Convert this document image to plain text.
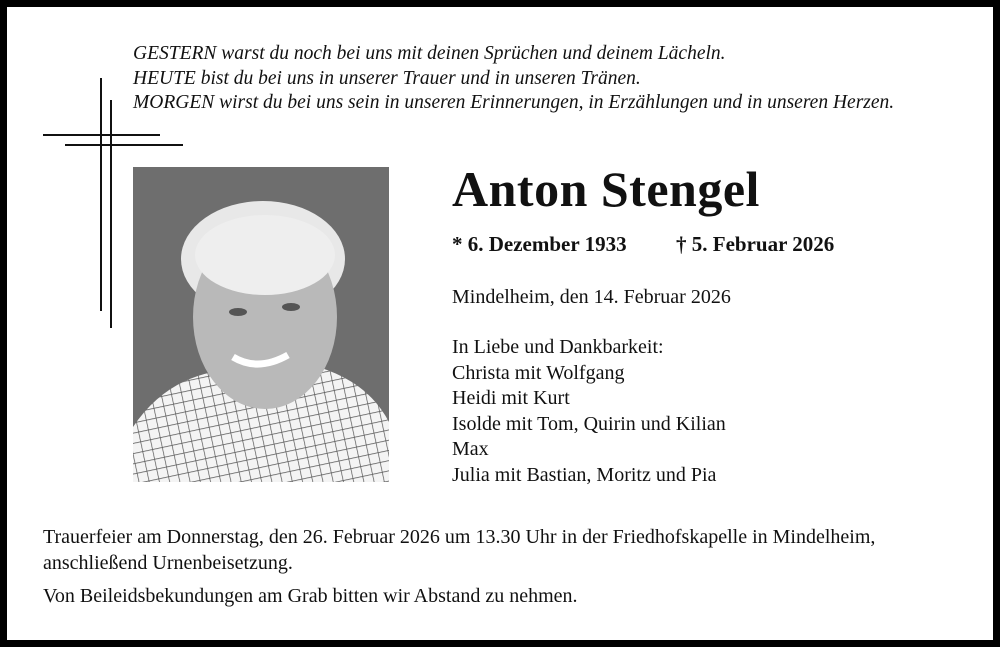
GESTERN warst du noch bei uns mit deinen Sprüchen und deinem Lächeln.
HEUTE bist du bei uns in unserer Trauer und in unseren Tränen.
MORGEN wirst du bei uns sein in unseren Erinnerungen, in Erzählungen und in unseren Herzen.
Anton Stengel
* 6. Dezember 1933 † 5. Februar 2026
Mindelheim, den 14. Februar 2026
In Liebe und Dankbarkeit:
Christa mit Wolfgang
Heidi mit Kurt
Isolde mit Tom, Quirin und Kilian
Max
Julia mit Bastian, Moritz und Pia
Trauerfeier am Donnerstag, den 26. Februar 2026 um 13.30 Uhr in der Friedhofskapelle in Mindelheim,
anschließend Urnenbeisetzung.
Von Beileidsbekundungen am Grab bitten wir Abstand zu nehmen.
